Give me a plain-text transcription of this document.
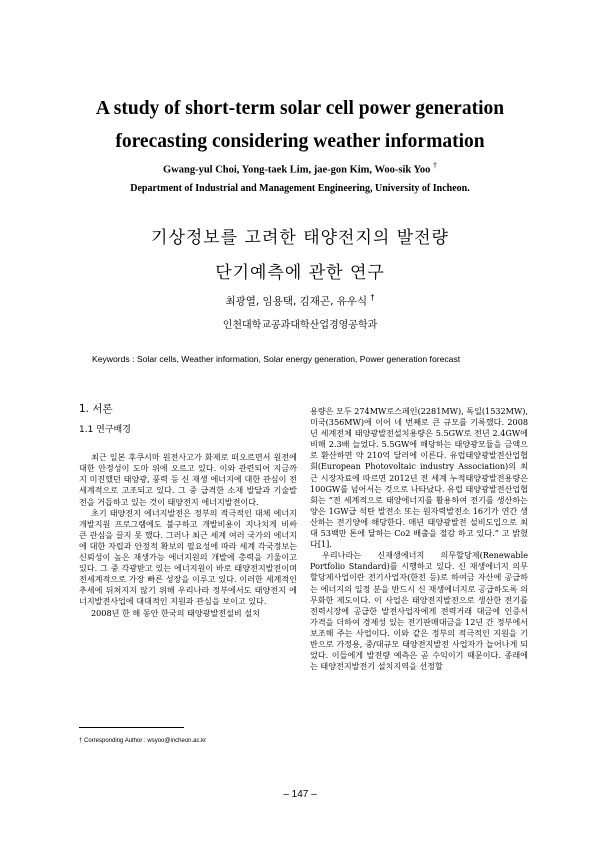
A study of short-term solar cell power generation
forecasting considering weather information
Gwang-yul Choi, Yong-taek Lim, jae-gon Kim, Woo-sik Yoo †
Department of Industrial and Management Engineering, University of Incheon.
기상정보를 고려한 태양전지의 발전량
단기예측에 관한 연구
최광열, 임용택, 김재곤, 유우식 †
인천대학교공과대학산업경영공학과
Keywords : Solar cells, Weather information, Solar energy generation, Power generation forecast
1. 서론
1.1 연구배경

최근 일본 후쿠시마 원전사고가 화제로 떠오르면서 원전에 대한 안정성이 도마 위에 오르고 있다. 이와 관련되어 지금까지 미진했던 태양광, 풍력 등 신 재생 에너지에 대한 관심이 전 세계적으로 고조되고 있다. 그 중 급격한 소재 발달과 기술발전을 거듭하고 있는 것이 태양전지 에너지발전이다.

초기 태양전지 에너지발전은 정부의 적극적인 대체 에너지개발지원 프로그램에도 불구하고 개발비용이 지나치게 비싸 큰 관심을 끌지 못 했다. 그러나 최근 세계 여러 국가의 에너지에 대한 자립과 안정적 확보의 필요성에 따라 세계 각국정보는 신뢰성이 높은 재생가능 에너지원의 개발에 총력을 기울이고 있다. 그 중 각광받고 있는 에너지원이 바로 태양전지발전이며 전세계적으로 가장 빠른 성장을 이루고 있다. 이러한 세계적인 추세에 뒤쳐지지 않기 위해 우리나라 정부에서도 태양전지 에너지발전사업에 대대적인 지원과 관심을 보이고 있다.

2008년 한 해 동안 한국의 태양광발전설비 설치

용량은 모두 274MW로스페인(2281MW), 독일(1532MW), 미국(356MW)에 이어 네 번째로 큰 규모를 기록했다. 2008년 세계전체 태양광발전설치용량은 5.5GW로 전년 2.4GW에 비해 2.3배 늘었다. 5.5GW에 해당하는 태양광모듈을 금액으로 환산하면 약 210억 달러에 이른다. 유럽태양광발전산업협회(European Photovoltaic industry Association)의 최근 시장자료에 따르면 2012년 전 세계 누적태양광발전용량은 100GW를 넘어서는 것으로 나타났다. 유럽 태양광발전산업협회는 “전 세계적으로 태양에너지를 활용하여 전기를 생산하는 양은 1GW급 석탄 발전소 또는 원자력발전소 16기가 연간 생산하는 전기양에 해당한다. 매년 태양광발전 설비도입으로 최대 53백만 톤에 달하는 Co2 배출을 절감 하고 있다.” 고 밝혔다[1].

우리나라는 신재생에너지 의무할당제(Renewable Portfolio Standard)를 시행하고 있다. 신 재생에너지 의무할당제사업이란 전기사업자(한전 등)로 하여금 자산에 공급하는 에너지의 일정 분을 반드시 신 재생에너지로 공급하도록 의무화한 제도이다. 이 사업은 태양전지발전으로 생산한 전기를 전력시장에 공급한 발전사업자에게 전력거래 대금에 인증서 가격을 더하여 경제성 있는 전기판매대금을 12년 간 정부에서 보조해 주는 사업이다. 이와 같은 정부의 적극적인 지원을 기반으로 가정용, 중/대규모 태양전지발전 사업자가 늘어나게 되었다. 이들에게 발전량 예측은 곧 수익이기 때문이다. 종래에는 태양전지발전기 설치지역을 선정할

† Corresponding Author : wsyoo@incheon.ac.kr
– 147 –
